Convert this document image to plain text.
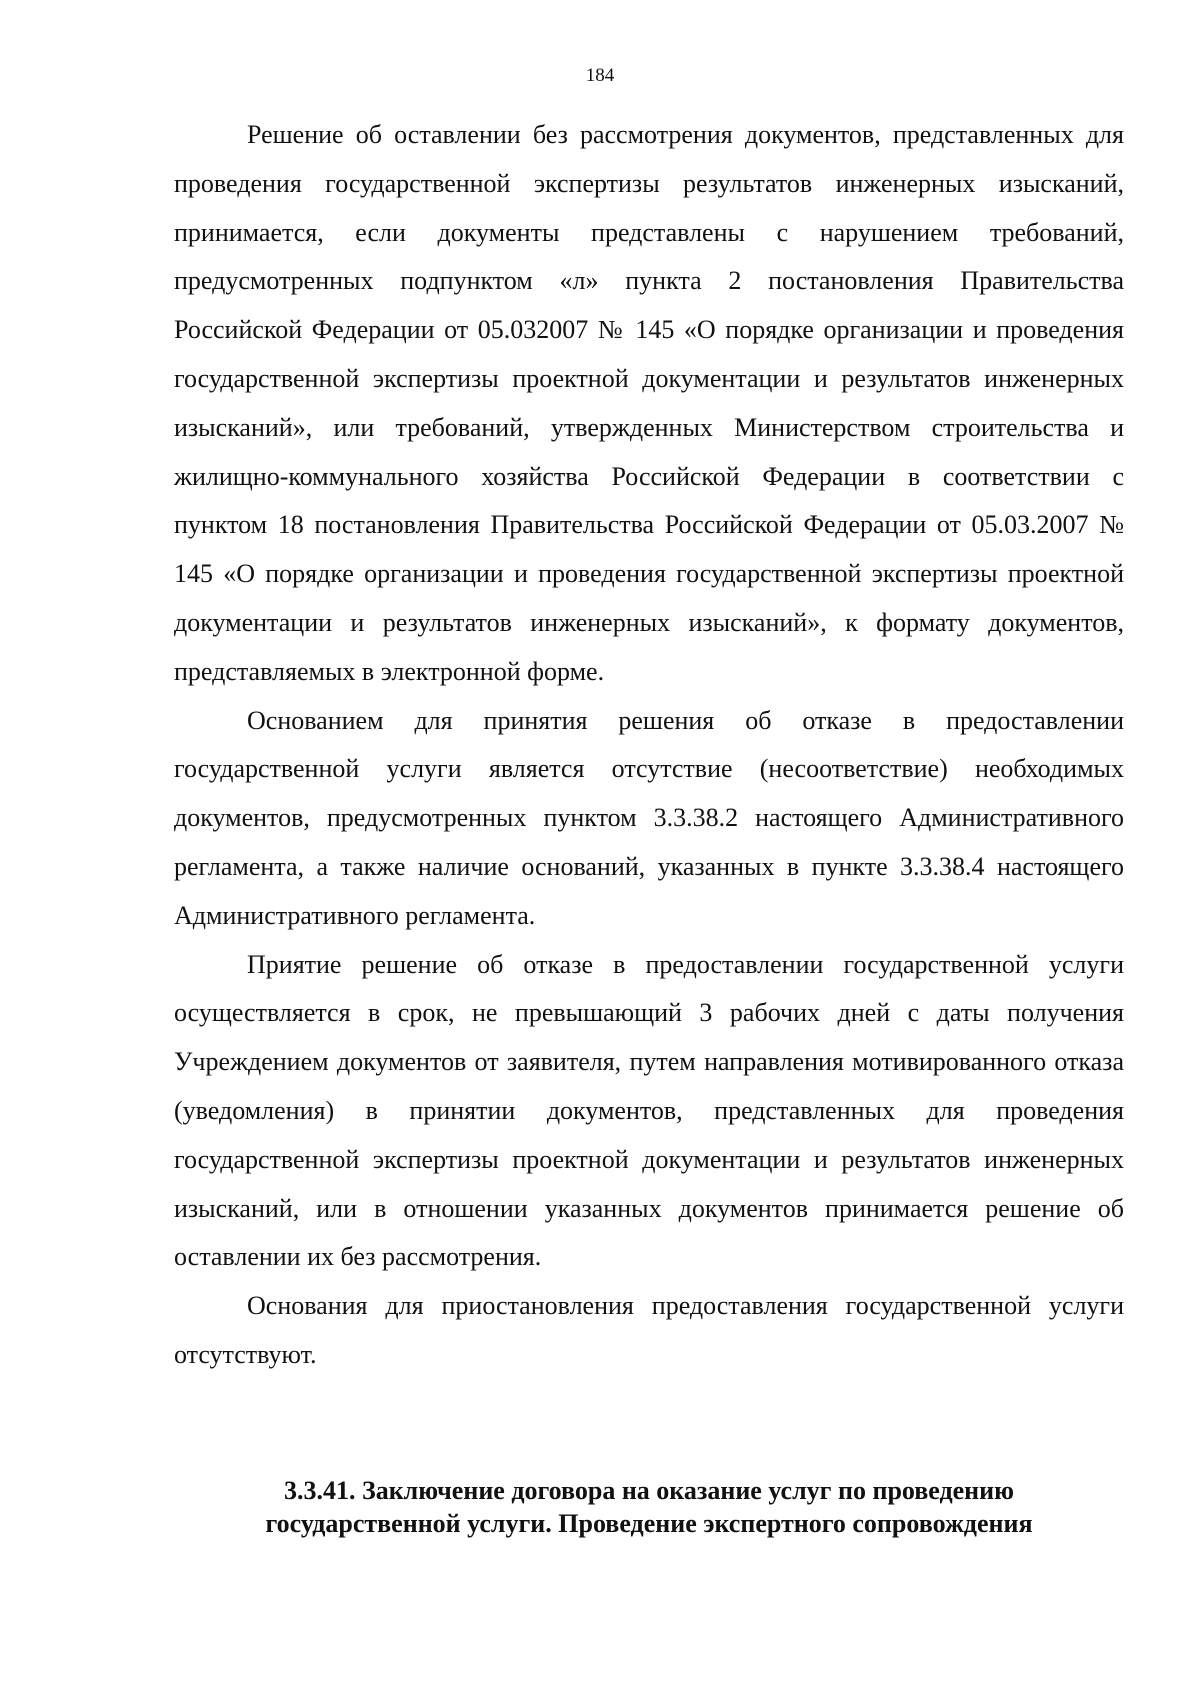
184

Решение об оставлении без рассмотрения документов, представленных для проведения государственной экспертизы результатов инженерных изысканий, принимается, если документы представлены с нарушением требований, предусмотренных подпунктом «л» пункта 2 постановления Правительства Российской Федерации от 05.032007 № 145 «О порядке организации и проведения государственной экспертизы проектной документации и результатов инженерных изысканий», или требований, утвержденных Министерством строительства и жилищно-коммунального хозяйства Российской Федерации в соответствии с пунктом 18 постановления Правительства Российской Федерации от 05.03.2007 № 145 «О порядке организации и проведения государственной экспертизы проектной документации и результатов инженерных изысканий», к формату документов, представляемых в электронной форме.

Основанием для принятия решения об отказе в предоставлении государственной услуги является отсутствие (несоответствие) необходимых документов, предусмотренных пунктом 3.3.38.2 настоящего Административного регламента, а также наличие оснований, указанных в пункте 3.3.38.4 настоящего Административного регламента.

Приятие решение об отказе в предоставлении государственной услуги осуществляется в срок, не превышающий 3 рабочих дней с даты получения Учреждением документов от заявителя, путем направления мотивированного отказа (уведомления) в принятии документов, представленных для проведения государственной экспертизы проектной документации и результатов инженерных изысканий, или в отношении указанных документов принимается решение об оставлении их без рассмотрения.

Основания для приостановления предоставления государственной услуги отсутствуют.

3.3.41. Заключение договора на оказание услуг по проведению
государственной услуги. Проведение экспертного сопровождения
